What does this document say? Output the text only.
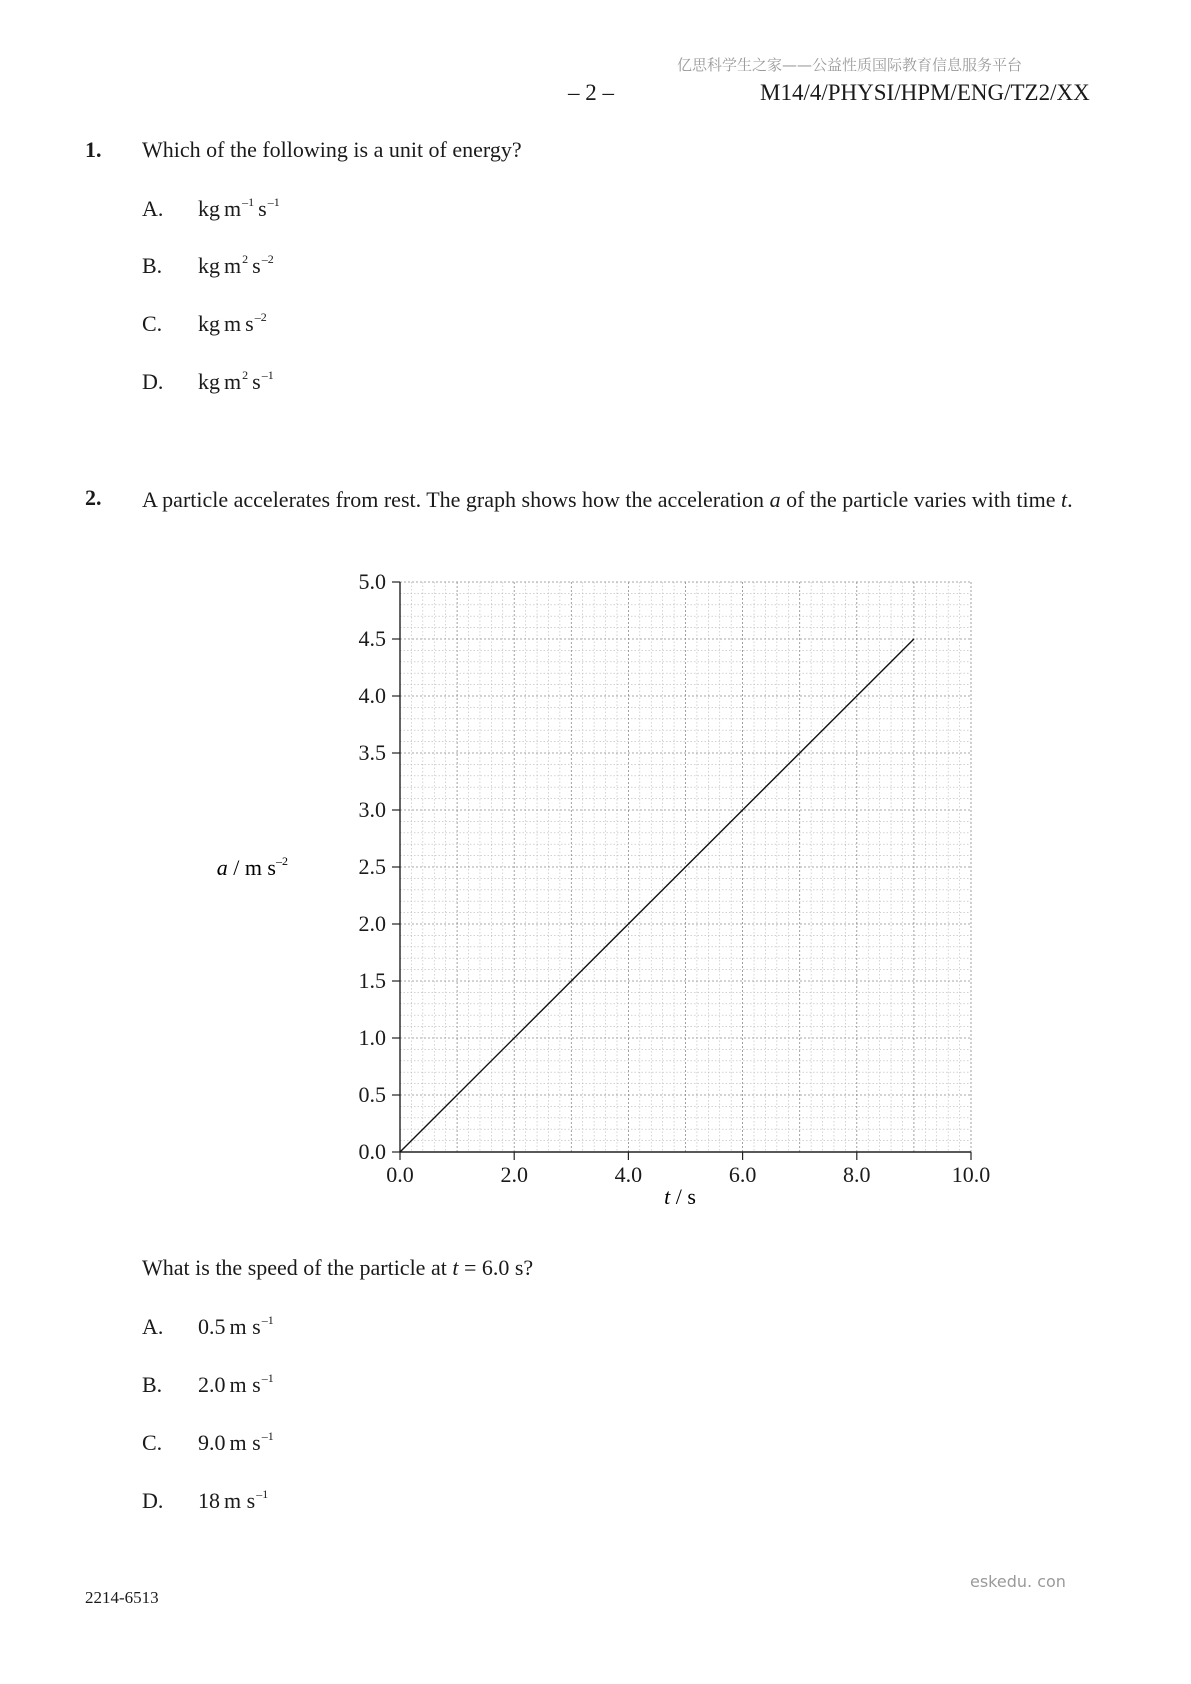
亿思科学生之家——公益性质国际教育信息服务平台
– 2 –	M14/4/PHYSI/HPM/ENG/TZ2/XX
1. Which of the following is a unit of energy?
A. kg $m^{-1}$ $s^{-1}$
B. kg $m^2$ $s^{-2}$
C. kg m $s^{-2}$
D. kg $m^2$ $s^{-1}$
2. A particle accelerates from rest. The graph shows how the acceleration a of the particle varies with time t.
0.0
0.5
1.0
1.5
2.0
2.5
3.0
3.5
4.0
4.5
5.0
0.0	2.0	4.0	6.0	8.0	10.0
a / m $s^{-2}$
t / s
What is the speed of the particle at t = 6.0 s?
A. 0.5 m $s^{-1}$
B. 2.0 m $s^{-1}$
C. 9.0 m $s^{-1}$
D. 18 m $s^{-1}$
2214-6513
eskedu. con
